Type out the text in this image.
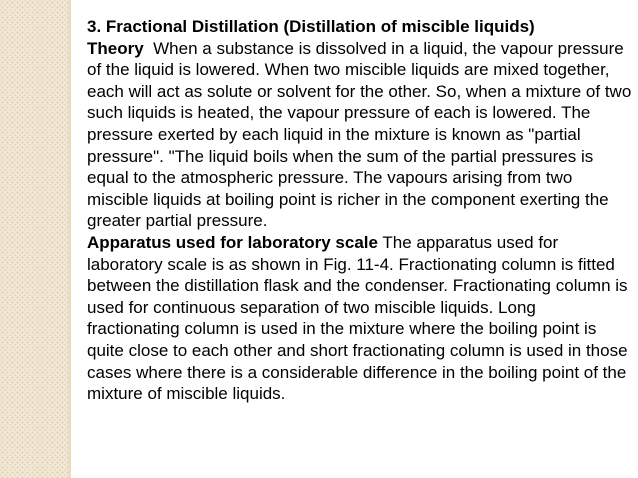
3. Fractional Distillation (Distillation of miscible liquids)

Theory  When a substance is dissolved in a liquid, the vapour pressure of the liquid is lowered. When two miscible liquids are mixed together, each will act as solute or solvent for the other. So, when a mixture of two such liquids is heated, the vapour pressure of each is lowered. The pressure exerted by each liquid in the mixture is known as "partial pressure". "The liquid boils when the sum of the partial pressures is equal to the atmospheric pressure. The vapours arising from two miscible liquids at boiling point is richer in the component exerting the greater partial pressure.

Apparatus used for laboratory scale The apparatus used for laboratory scale is as shown in Fig. 11-4. Fractionating column is fitted between the distillation flask and the condenser. Fractionating column is used for continuous separation of two miscible liquids. Long fractionating column is used in the mixture where the boiling point is quite close to each other and short fractionating column is used in those cases where there is a considerable difference in the boiling point of the mixture of miscible liquids.
